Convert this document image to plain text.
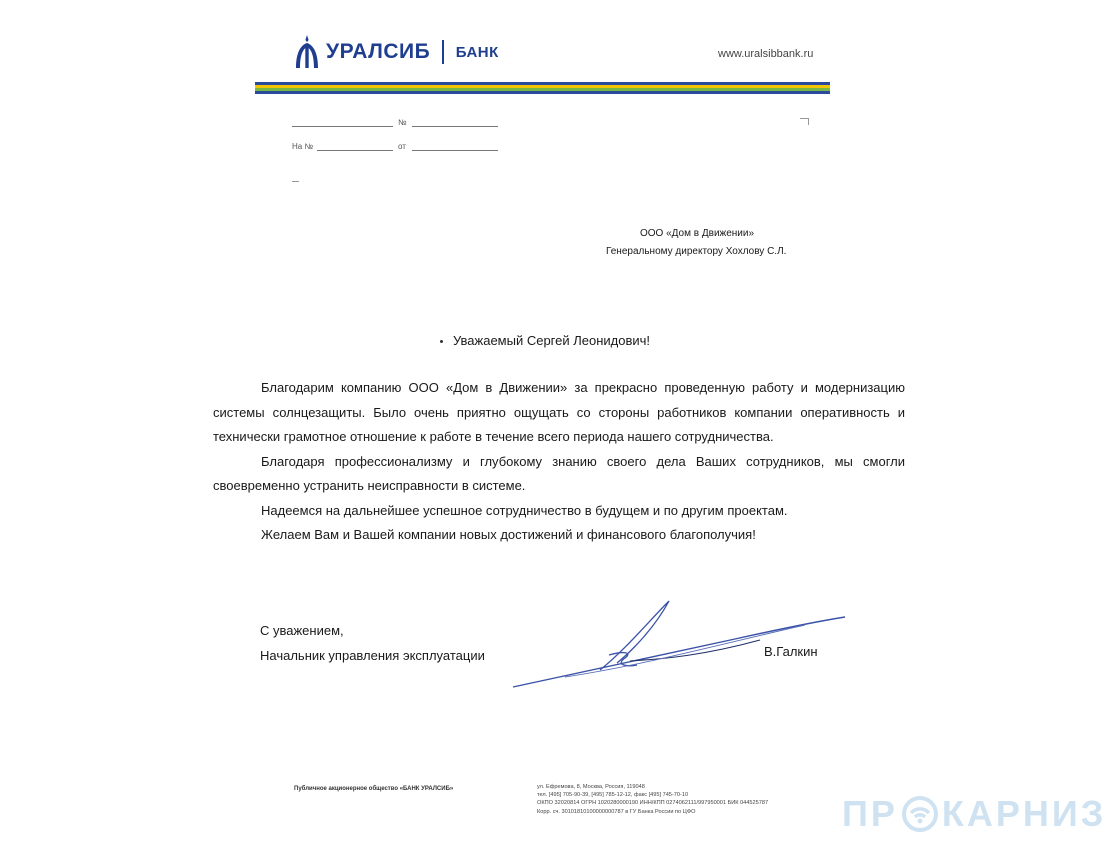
УРАЛСИБ БАНК	www.uralsibbank.ru
№
На №	от
ООО «Дом в Движении»
Генеральному директору Хохлову С.Л.
Уважаемый Сергей Леонидович!

Благодарим компанию ООО «Дом в Движении» за прекрасно проведенную работу и модернизацию системы солнцезащиты. Было очень приятно ощущать со стороны работников компании оперативность и технически грамотное отношение к работе в течение всего периода нашего сотрудничества.

Благодаря профессионализму и глубокому знанию своего дела Ваших сотрудников, мы смогли своевременно устранить неисправности в системе.

Надеемся на дальнейшее успешное сотрудничество в будущем и по другим проектам.

Желаем Вам и Вашей компании новых достижений и финансового благополучия!

С уважением,
Начальник управления эксплуатации	В.Галкин
Публичное акционерное общество «БАНК УРАЛСИБ»	ул. Ефремова, 8, Москва, Россия, 119048
тел. [495] 705-90-39, [495] 785-12-12, факс [495] 745-70-10
ОКПО 32020814 ОГРН 1020280000190 ИНН/КПП 0274062111/997950001 БИК 044525787
Корр. сч. 30101810100000000787 в ГУ Банка России по ЦФО	ПР КАРНИЗ
